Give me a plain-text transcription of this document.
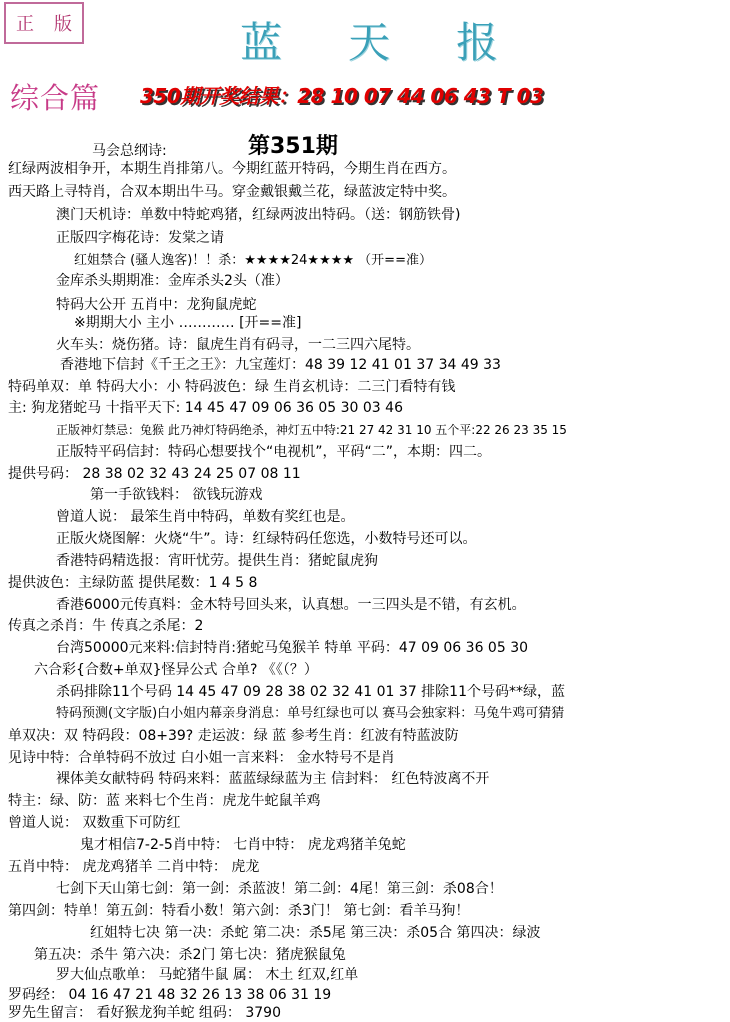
正 版	蓝 天 报
综合篇 350期开奖结果：28 10 07 44 06 43 T 03
马会总纲诗:	第351期
红绿两波相争开，本期生肖排第八。今期红蓝开特码，今期生肖在西方。
西天路上寻特肖，合双本期出牛马。穿金戴银戴兰花，绿蓝波定特中奖。
澳门天机诗：单数中特蛇鸡猪，红绿两波出特码。（送：钢筋铁骨)
正版四字梅花诗：发棠之请
红姐禁合 (骚人逸客)！！杀：★★★★24★★★★ （开==准）
金库杀头期期准：金库杀头2头（准）
特码大公开 五肖中：龙狗鼠虎蛇
※期期大小 主小 ………… [开==准]
火车头：烧伤猪。诗：鼠虎生肖有码寻，一二三四六尾特。
香港地下信封《千王之王》：九宝莲灯：48 39 12 41 01 37 34 49 33
特码单双：单 特码大小：小 特码波色：绿 生肖玄机诗：二三门看特有钱
主: 狗龙猪蛇马 十指平天下: 14 45 47 09 06 36 05 30 03 46
正版神灯禁忌：兔猴 此乃神灯特码绝杀，神灯五中特:21 27 42 31 10 五个平:22 26 23 35 15
正版特平码信封：特码心想要找个“电视机”，平码“二”，本期：四二。
提供号码： 28 38 02 32 43 24 25 07 08 11
第一手欲钱料： 欲钱玩游戏
曾道人说： 最笨生肖中特码，单数有奖红也是。
正版火烧图解：火烧“牛”。诗：红绿特码任您选，小数特号还可以。
香港特码精选报：宵旰忧劳。提供生肖：猪蛇鼠虎狗
提供波色：主绿防蓝 提供尾数：1 4 5 8
香港6000元传真料：金木特号回头来，认真想。一三四头是不错，有玄机。
传真之杀肖：牛 传真之杀尾：2
台湾50000元来料:信封特肖:猪蛇马兔猴羊 特单 平码：47 09 06 36 05 30
六合彩{合数+单双}怪异公式 合单? 《《（？）
杀码排除11个号码 14 45 47 09 28 38 02 32 41 01 37 排除11个号码**绿，蓝
特码预测(文字版)白小姐内幕亲身消息：单号红绿也可以 赛马会独家料：马兔牛鸡可猜猜
单双决：双 特码段：08+39? 走运波：绿 蓝 参考生肖：红波有特蓝波防
见诗中特：合单特码不放过 白小姐一言来料： 金水特号不是肖
裸体美女献特码 特码来料：蓝蓝绿绿蓝为主 信封料： 红色特波离不开
特主：绿、防：蓝 来料七个生肖：虎龙牛蛇鼠羊鸡
曾道人说： 双数重下可防红
鬼才相信7-2-5肖中特： 七肖中特： 虎龙鸡猪羊兔蛇
五肖中特： 虎龙鸡猪羊 二肖中特： 虎龙
七剑下天山第七剑：第一剑：杀蓝波！第二剑：4尾！第三剑：杀08合！
第四剑：特单！第五剑：特看小数！第六剑：杀3门！ 第七剑：看羊马狗！
红姐特七决 第一决：杀蛇 第二决：杀5尾 第三决：杀05合 第四决：绿波
第五决：杀牛 第六决：杀2门 第七决：猪虎猴鼠兔
罗大仙点歌单： 马蛇猪牛鼠 属： 木土 红双,红单
罗码经： 04 16 47 21 48 32 26 13 38 06 31 19
罗先生留言： 看好猴龙狗羊蛇 组码： 3790
